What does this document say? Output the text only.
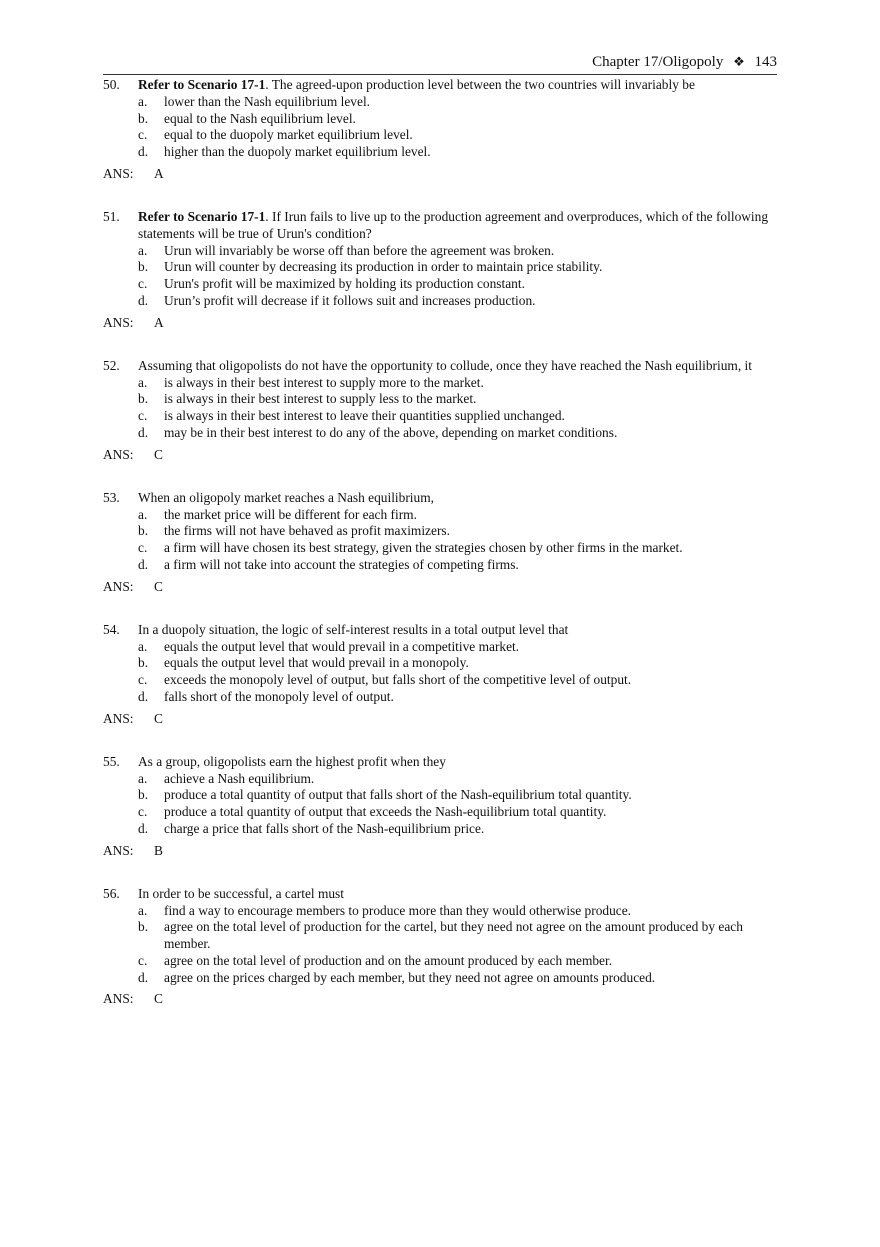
Chapter 17/Oligopoly ❖ 143
50.	Refer to Scenario 17-1. The agreed-upon production level between the two countries will invariably be
a.	lower than the Nash equilibrium level.
b.	equal to the Nash equilibrium level.
c.	equal to the duopoly market equilibrium level.
d.	higher than the duopoly market equilibrium level.
ANS: A
51.	Refer to Scenario 17-1. If Irun fails to live up to the production agreement and overproduces, which of the following statements will be true of Urun's condition?
a.	Urun will invariably be worse off than before the agreement was broken.
b.	Urun will counter by decreasing its production in order to maintain price stability.
c.	Urun's profit will be maximized by holding its production constant.
d.	Urun’s profit will decrease if it follows suit and increases production.
ANS: A
52.	Assuming that oligopolists do not have the opportunity to collude, once they have reached the Nash equilibrium, it
a.	is always in their best interest to supply more to the market.
b.	is always in their best interest to supply less to the market.
c.	is always in their best interest to leave their quantities supplied unchanged.
d.	may be in their best interest to do any of the above, depending on market conditions.
ANS: C
53.	When an oligopoly market reaches a Nash equilibrium,
a.	the market price will be different for each firm.
b.	the firms will not have behaved as profit maximizers.
c.	a firm will have chosen its best strategy, given the strategies chosen by other firms in the market.
d.	a firm will not take into account the strategies of competing firms.
ANS: C
54.	In a duopoly situation, the logic of self-interest results in a total output level that
a.	equals the output level that would prevail in a competitive market.
b.	equals the output level that would prevail in a monopoly.
c.	exceeds the monopoly level of output, but falls short of the competitive level of output.
d.	falls short of the monopoly level of output.
ANS: C
55.	As a group, oligopolists earn the highest profit when they
a.	achieve a Nash equilibrium.
b.	produce a total quantity of output that falls short of the Nash-equilibrium total quantity.
c.	produce a total quantity of output that exceeds the Nash-equilibrium total quantity.
d.	charge a price that falls short of the Nash-equilibrium price.
ANS: B
56.	In order to be successful, a cartel must
a.	find a way to encourage members to produce more than they would otherwise produce.
b.	agree on the total level of production for the cartel, but they need not agree on the amount produced by each member.
c.	agree on the total level of production and on the amount produced by each member.
d.	agree on the prices charged by each member, but they need not agree on amounts produced.
ANS: C
